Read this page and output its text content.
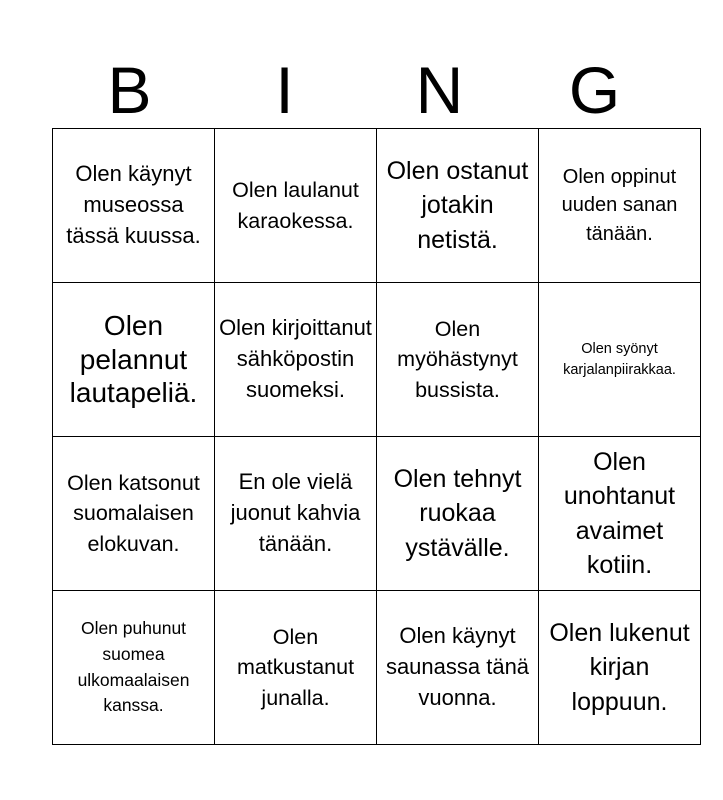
B	I	N	G
Olen käynyt museossa tässä kuussa.	Olen laulanut karaokessa.	Olen ostanut jotakin netistä.	Olen oppinut uuden sanan tänään.

Olen pelannut lautapeliä.	Olen kirjoittanut sähköpostin suomeksi.	Olen myöhästynyt bussista.	Olen syönyt karjalanpiirakkaa.

Olen katsonut suomalaisen elokuvan.	En ole vielä juonut kahvia tänään.	Olen tehnyt ruokaa ystävälle.	Olen unohtanut avaimet kotiin.

Olen puhunut suomea ulkomaalaisen kanssa.	Olen matkustanut junalla.	Olen käynyt saunassa tänä vuonna.	Olen lukenut kirjan loppuun.
